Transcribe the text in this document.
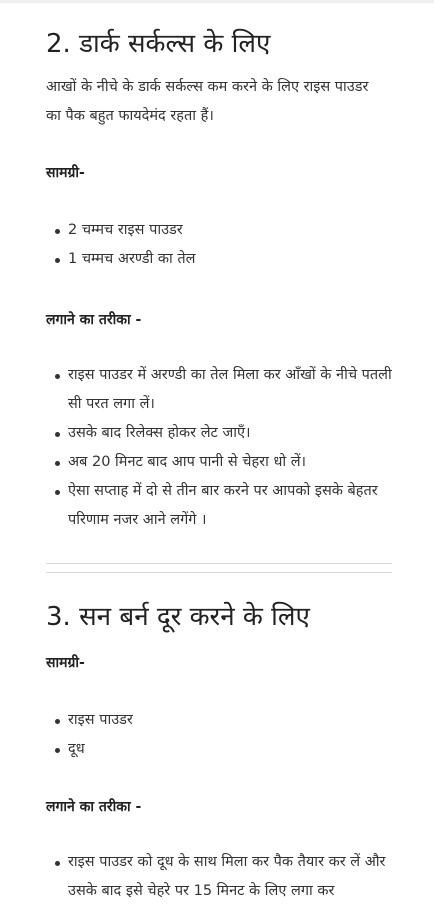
2. डार्क सर्कल्स के लिए

आखों के नीचे के डार्क सर्कल्स कम करने के लिए राइस पाउडर का पैक बहुत फायदेमंद रहता हैं।

सामग्री-
2 चम्मच राइस पाउडर
1 चम्मच अरण्डी का तेल
लगाने का तरीका -
राइस पाउडर में अरण्डी का तेल मिला कर आँखों के नीचे पतली सी परत लगा लें।
उसके बाद रिलेक्स होकर लेट जाएँ।
अब 20 मिनट बाद आप पानी से चेहरा धो लें।
ऐसा सप्ताह में दो से तीन बार करने पर आपको इसके बेहतर परिणाम नजर आने लगेंगे ।
3. सन बर्न दूर करने के लिए
सामग्री-
राइस पाउडर
दूध
लगाने का तरीका -
राइस पाउडर को दूध के साथ मिला कर पैक तैयार कर लें और उसके बाद इसे चेहरे पर 15 मिनट के लिए लगा कर
